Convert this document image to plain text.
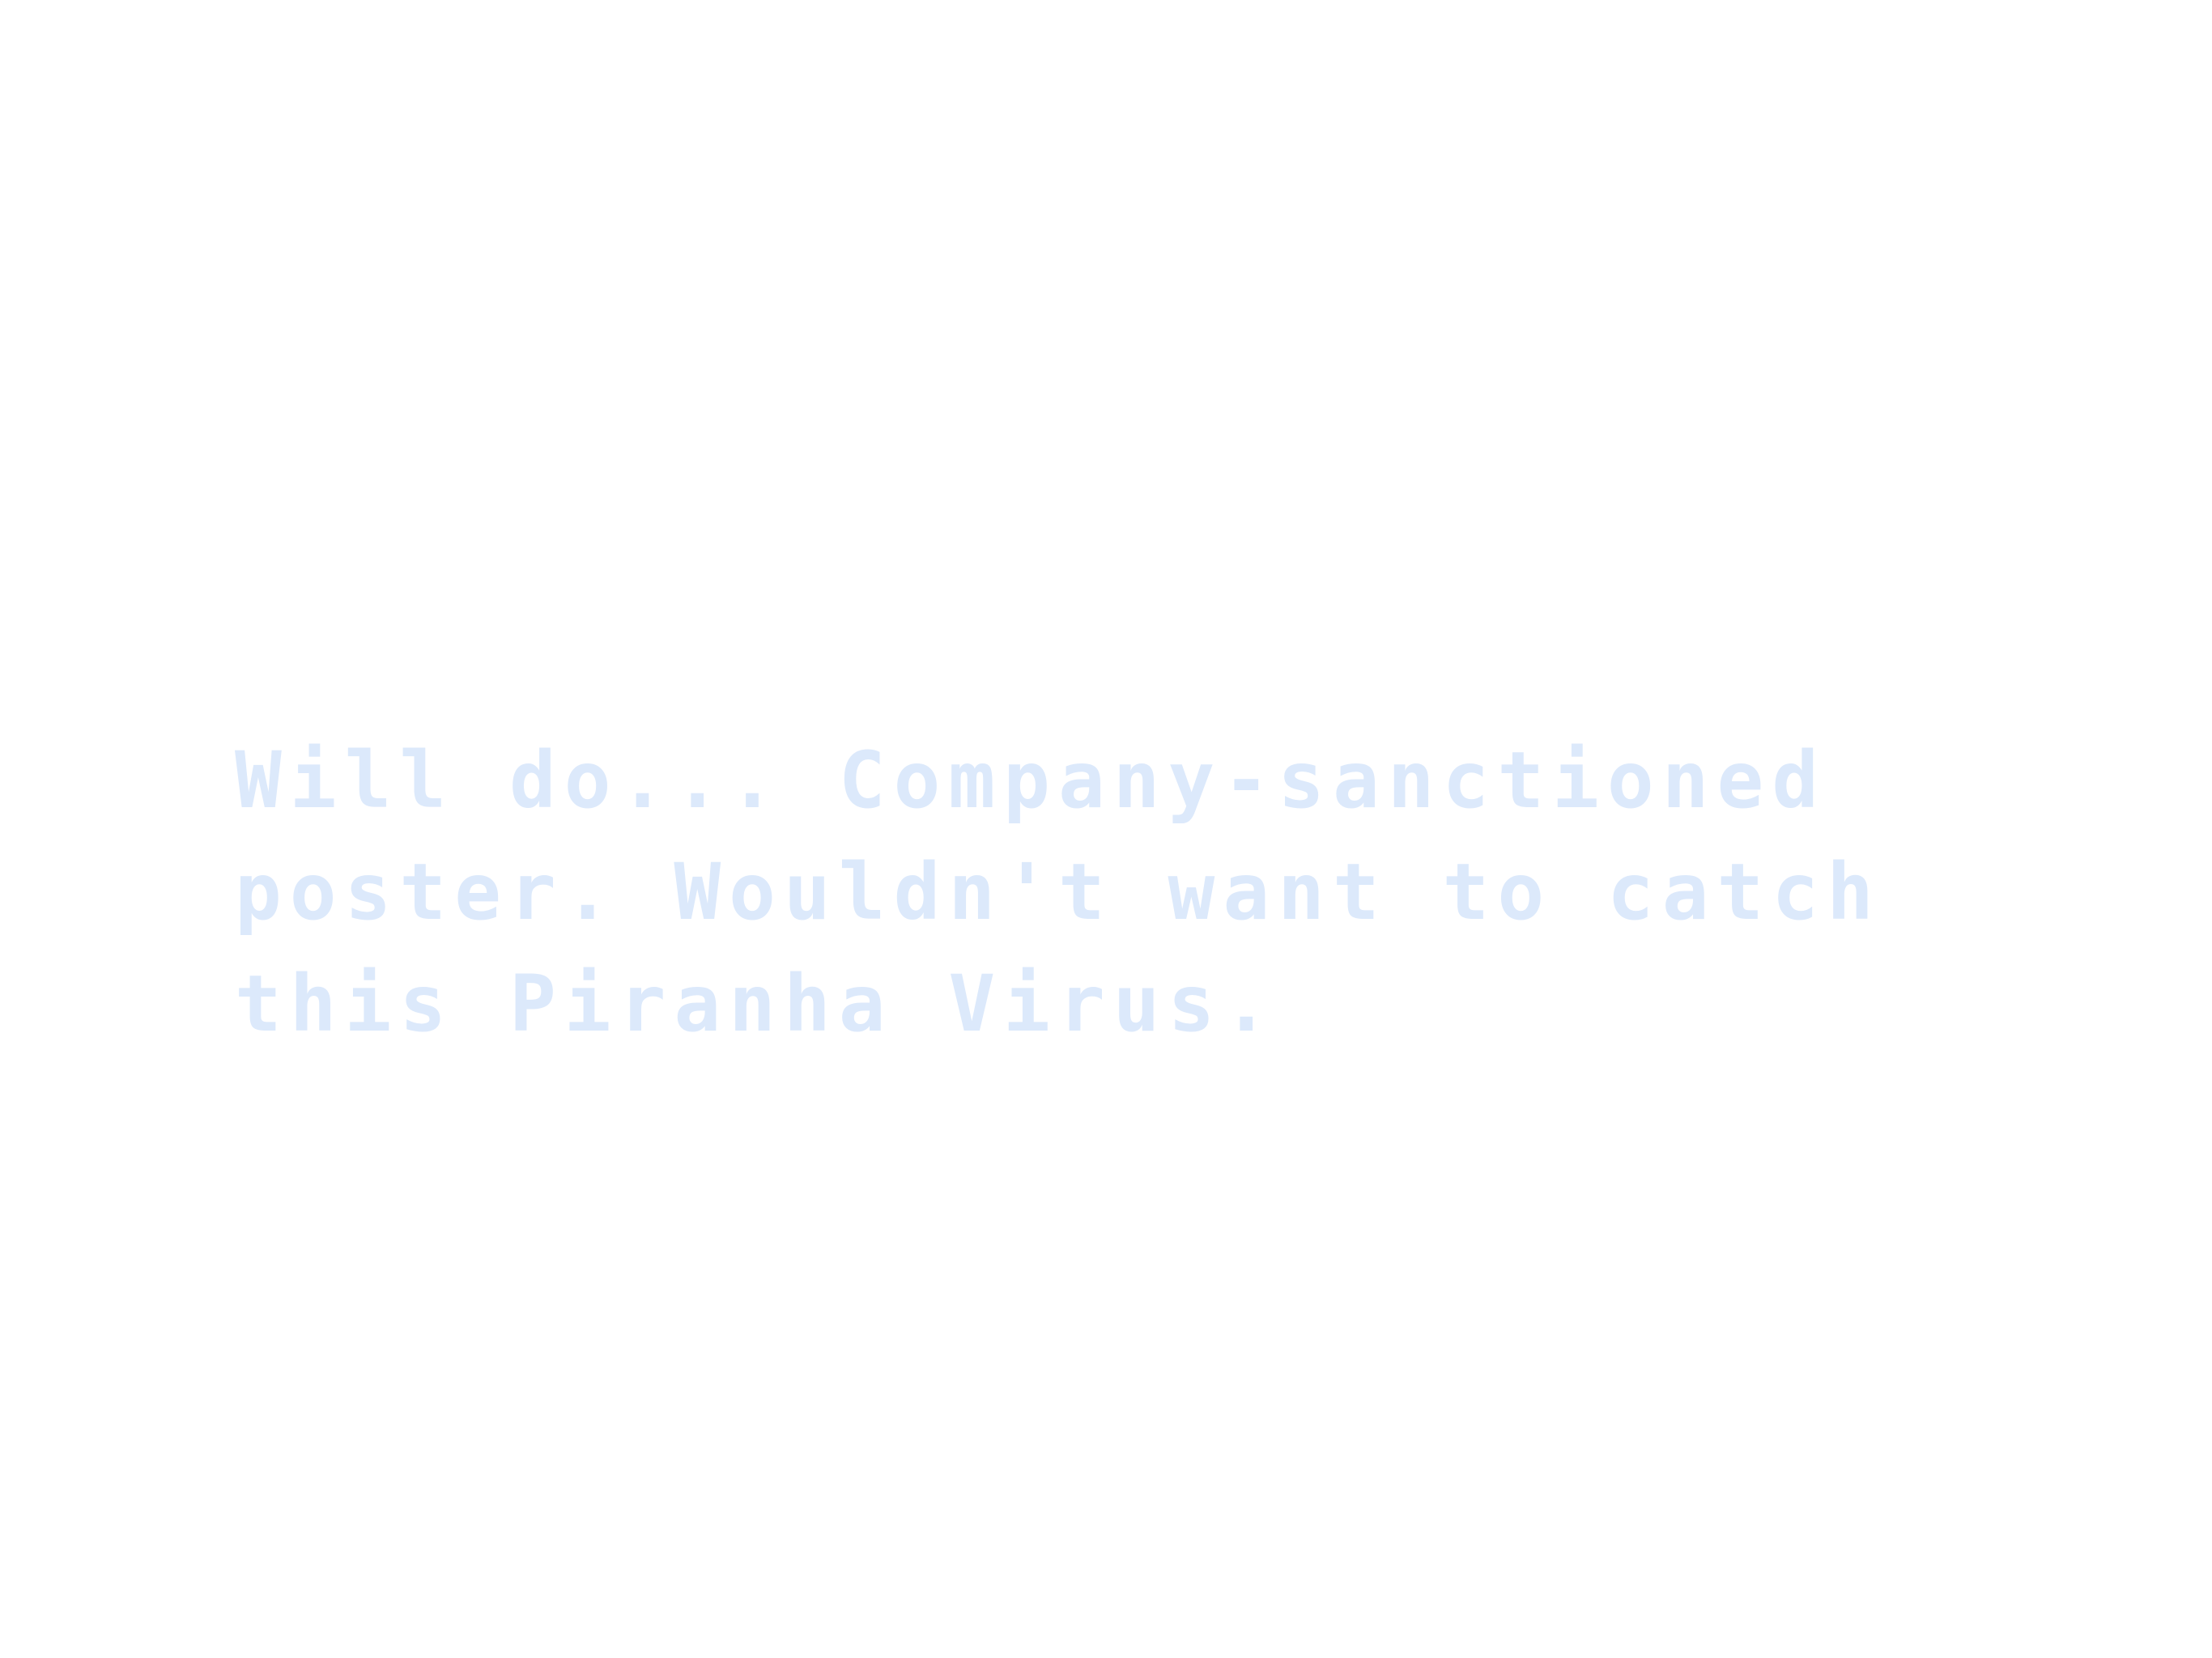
Will do... Company-sanctioned poster. Wouldn't want to catch this Piranha Virus.
